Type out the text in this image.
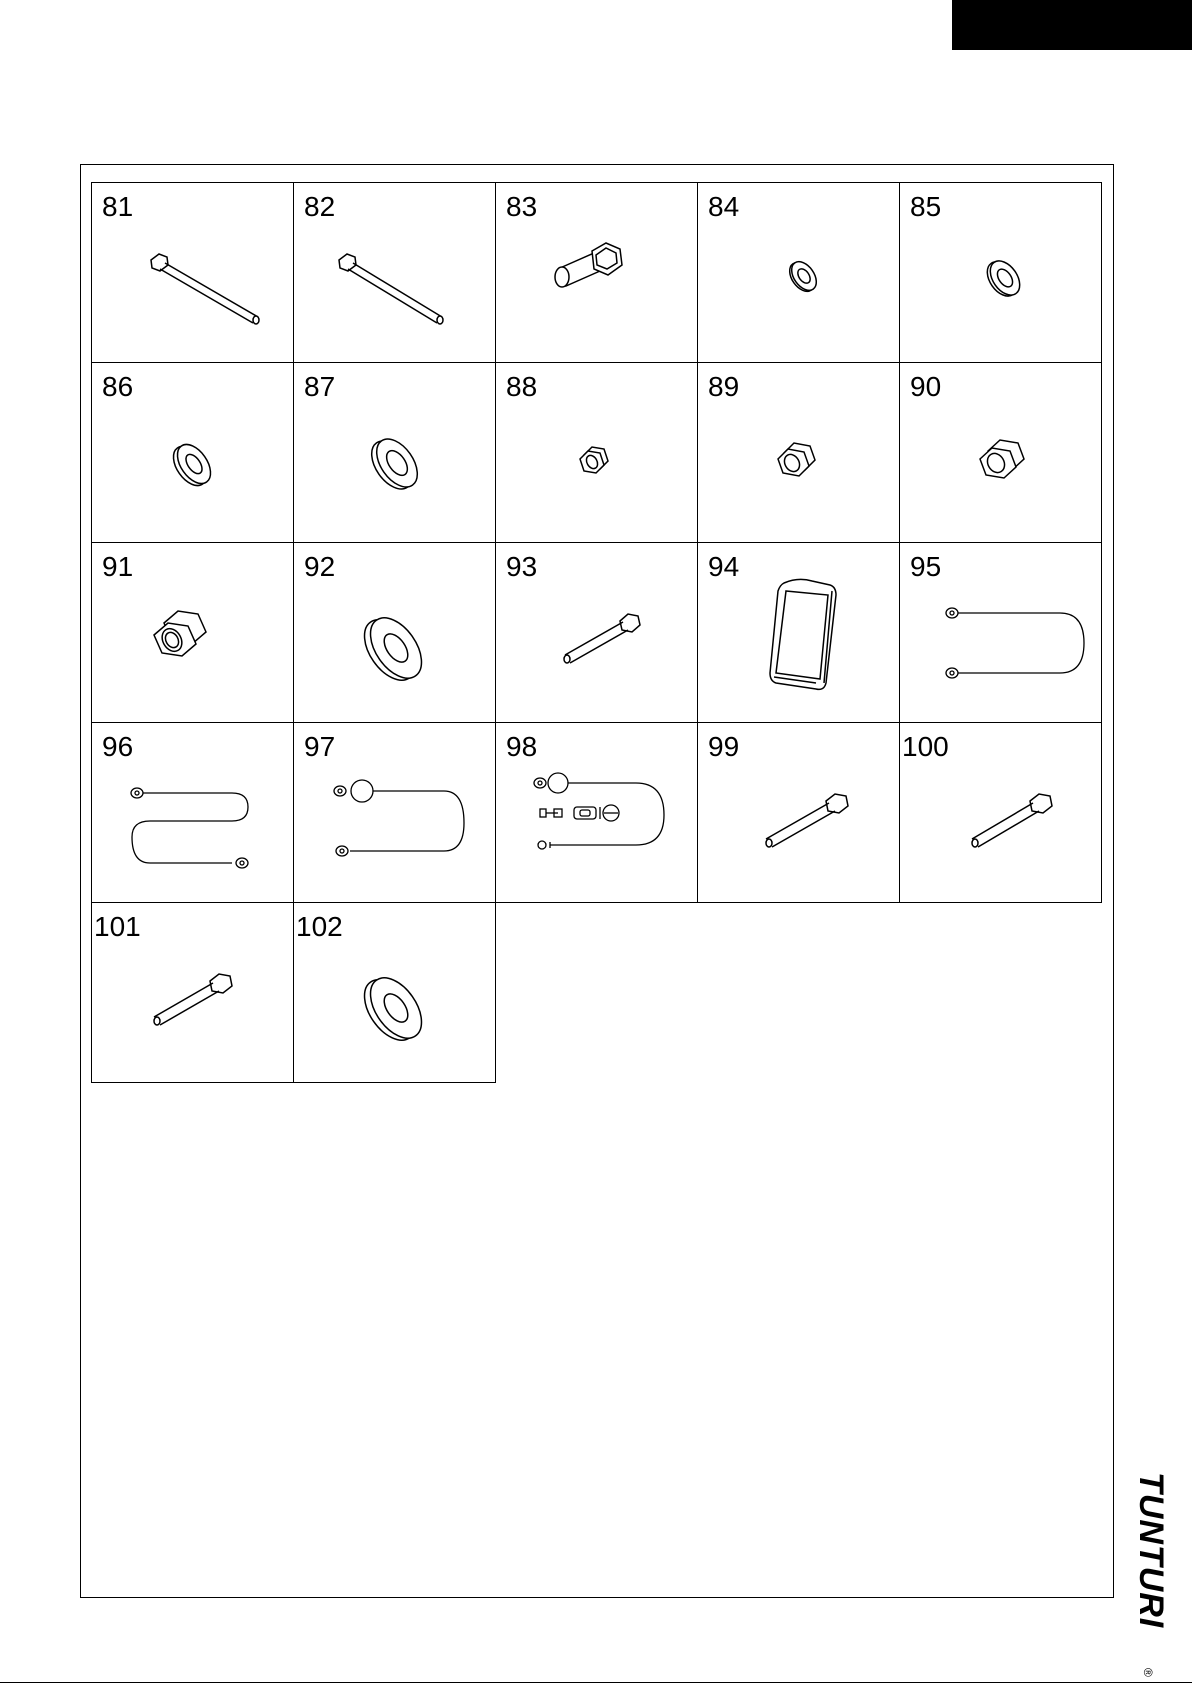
81	82	83	84	85
86	87	88	89	90
91	92	93	94	95
96	97	98	99	100
101	102
TUNTURI
®
